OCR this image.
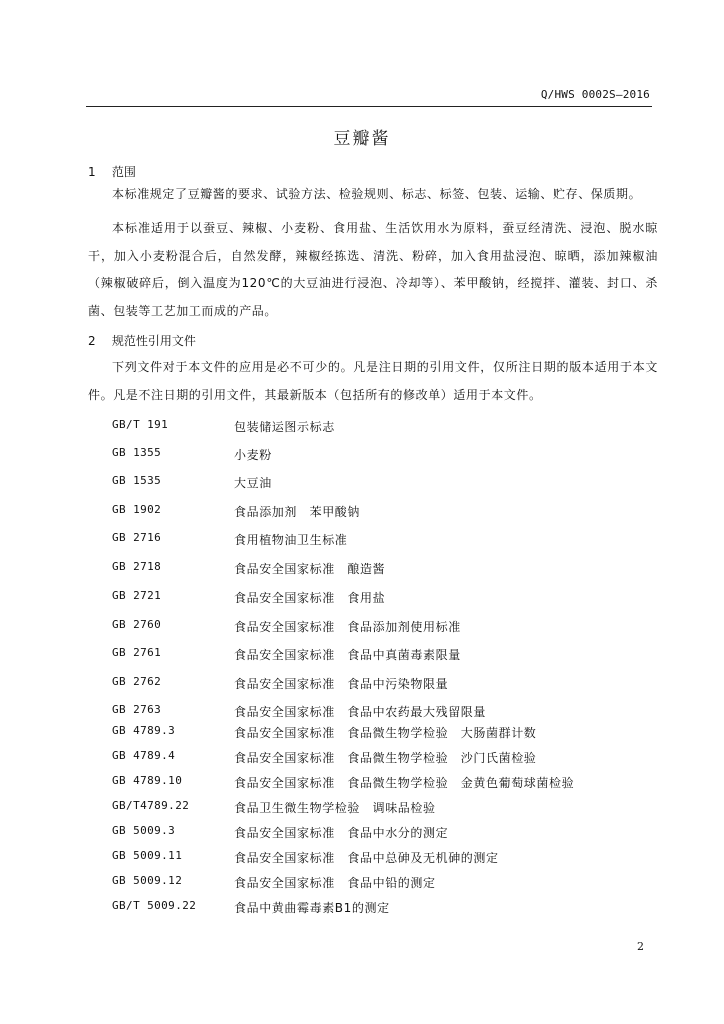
Q/HWS 0002S—2016
豆瓣酱
1 范围

本标准规定了豆瓣酱的要求、试验方法、检验规则、标志、标签、包装、运输、贮存、保质期。

本标准适用于以蚕豆、辣椒、小麦粉、食用盐、生活饮用水为原料，蚕豆经清洗、浸泡、脱水晾干，加入小麦粉混合后，自然发酵，辣椒经拣选、清洗、粉碎，加入食用盐浸泡、晾晒，添加辣椒油（辣椒破碎后，倒入温度为120℃的大豆油进行浸泡、冷却等）、苯甲酸钠，经搅拌、灌装、封口、杀菌、包装等工艺加工而成的产品。

2 规范性引用文件

下列文件对于本文件的应用是必不可少的。凡是注日期的引用文件，仅所注日期的版本适用于本文件。凡是不注日期的引用文件，其最新版本（包括所有的修改单）适用于本文件。

GB/T 191	包装储运图示标志
GB 1355	小麦粉
GB 1535	大豆油
GB 1902	食品添加剂　苯甲酸钠
GB 2716	食用植物油卫生标准
GB 2718	食品安全国家标准　酿造酱
GB 2721	食品安全国家标准　食用盐
GB 2760	食品安全国家标准　食品添加剂使用标准
GB 2761	食品安全国家标准　食品中真菌毒素限量
GB 2762	食品安全国家标准　食品中污染物限量
GB 2763	食品安全国家标准　食品中农药最大残留限量
GB 4789.3	食品安全国家标准　食品微生物学检验　大肠菌群计数
GB 4789.4	食品安全国家标准　食品微生物学检验　沙门氏菌检验
GB 4789.10	食品安全国家标准　食品微生物学检验　金黄色葡萄球菌检验
GB/T4789.22	食品卫生微生物学检验　调味品检验
GB 5009.3	食品安全国家标准　食品中水分的测定
GB 5009.11	食品安全国家标准　食品中总砷及无机砷的测定
GB 5009.12	食品安全国家标准　食品中铅的测定
GB/T 5009.22	食品中黄曲霉毒素B1的测定
2
